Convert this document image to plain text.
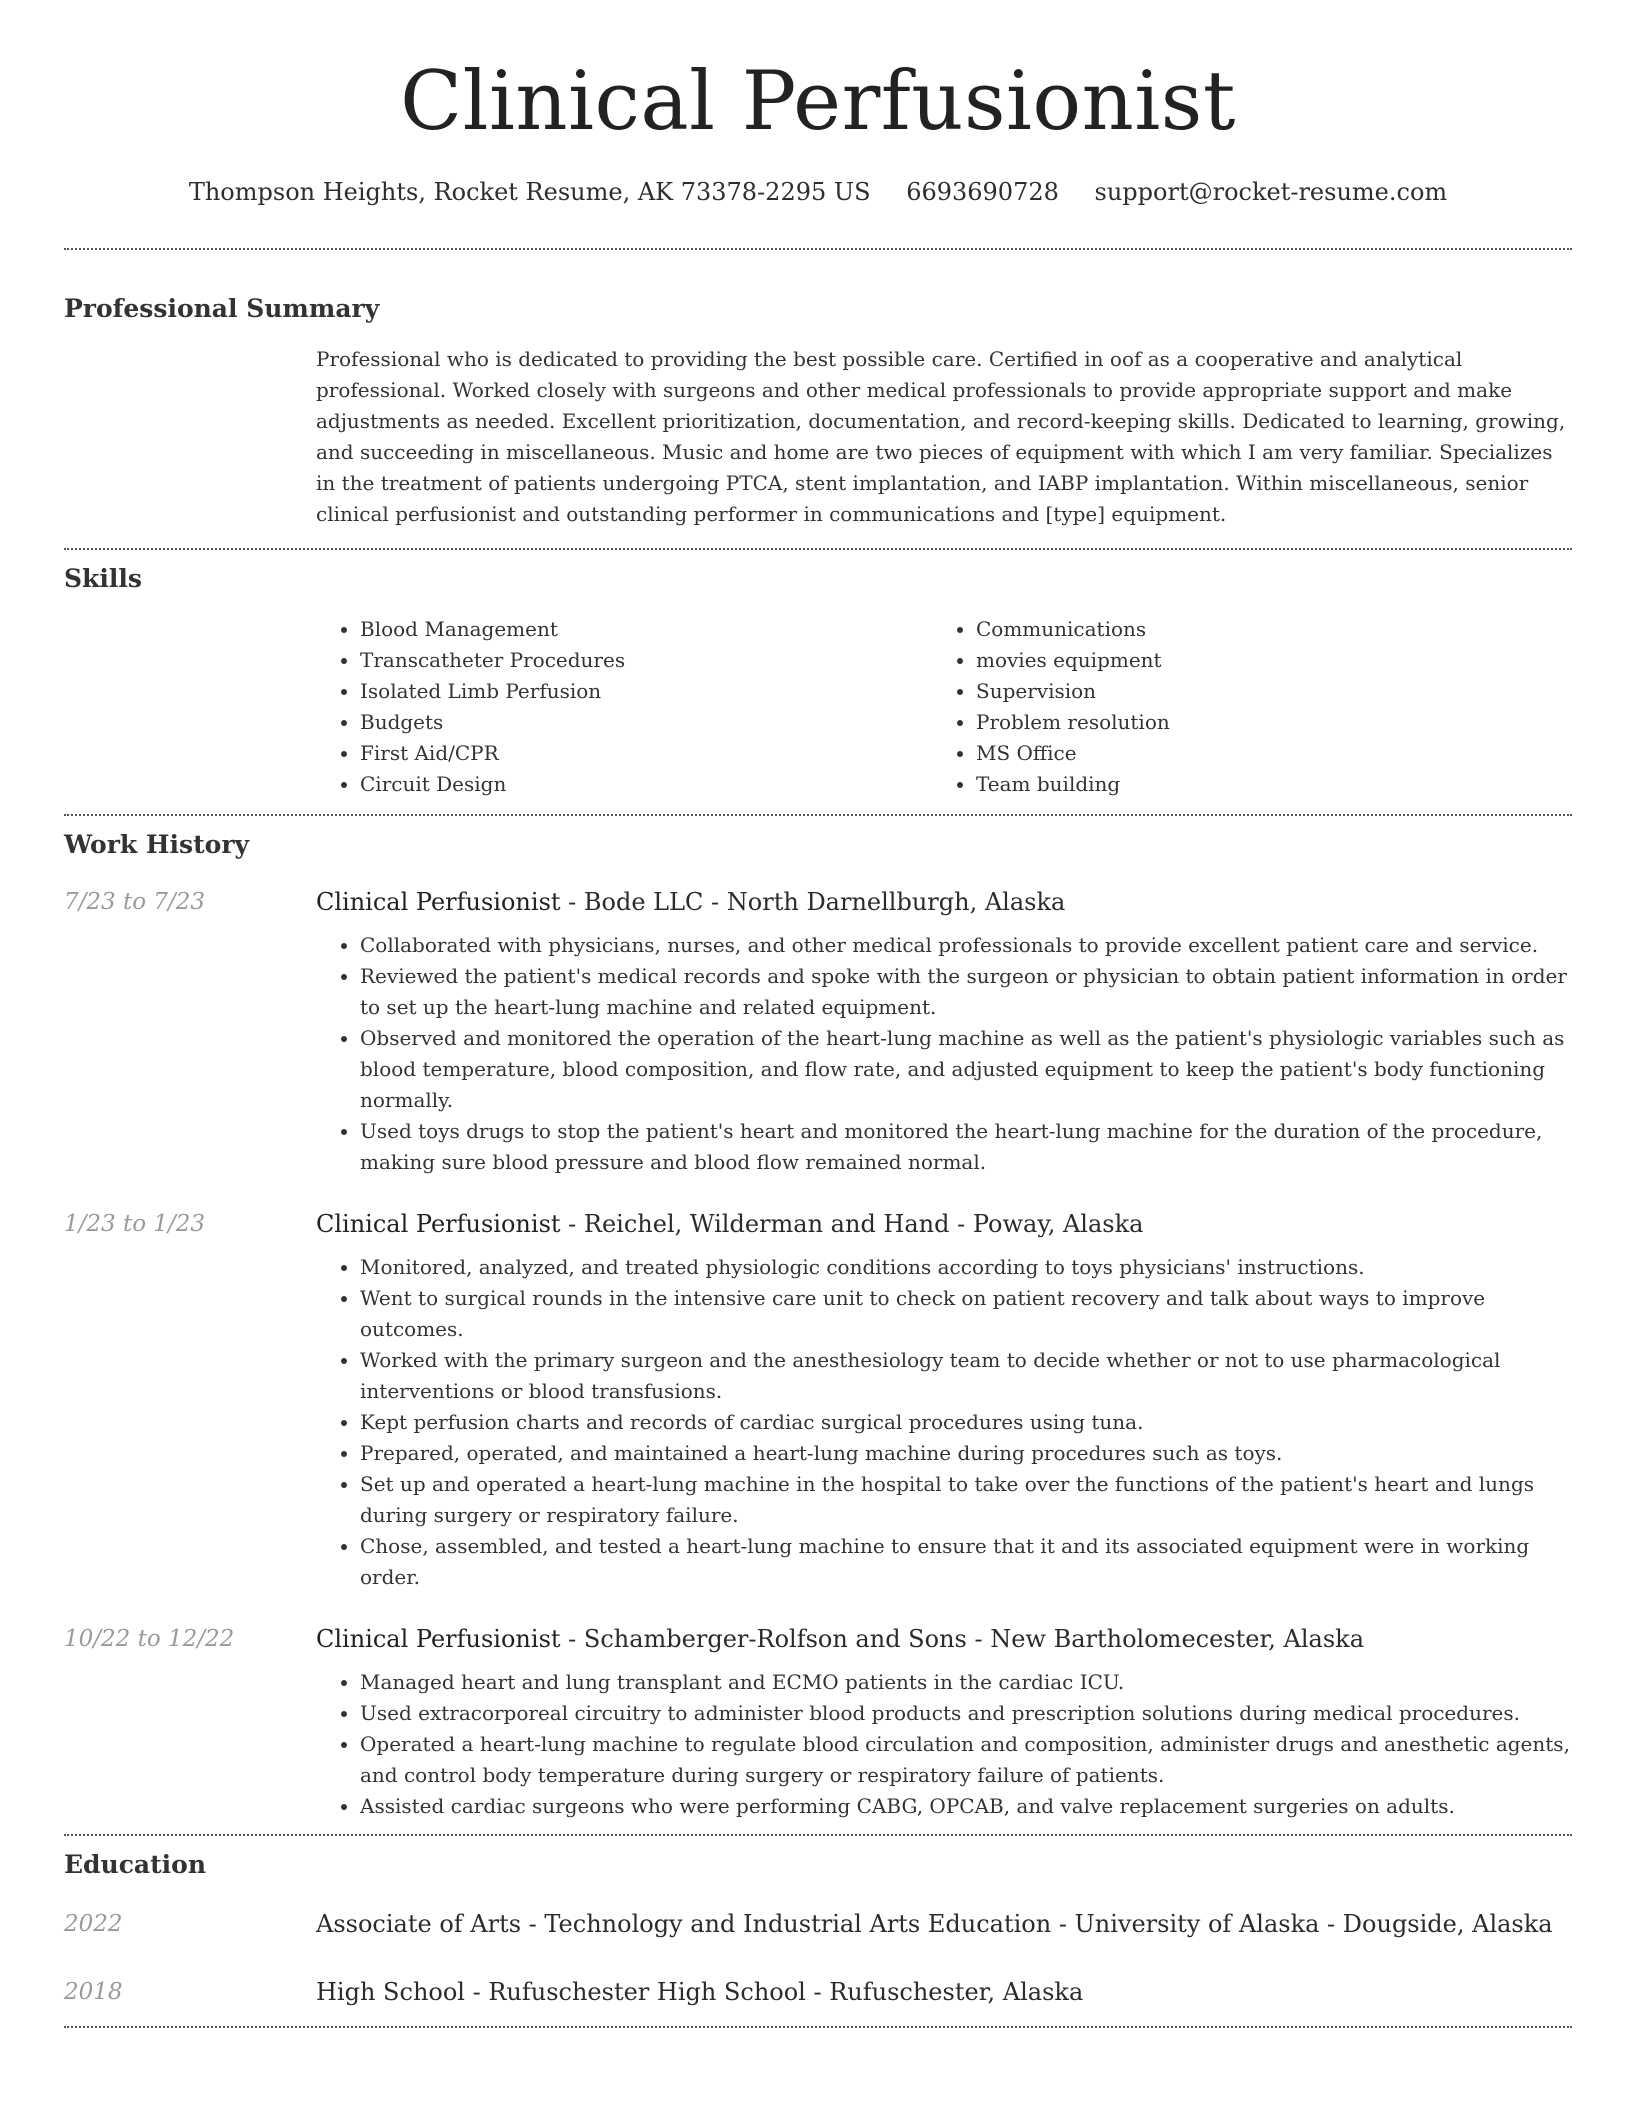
Clinical Perfusionist
Thompson Heights, Rocket Resume, AK 73378-2295 US 6693690728 support@rocket-resume.com
Professional Summary
Professional who is dedicated to providing the best possible care. Certified in oof as a cooperative and analytical professional. Worked closely with surgeons and other medical professionals to provide appropriate support and make adjustments as needed. Excellent prioritization, documentation, and record-keeping skills. Dedicated to learning, growing, and succeeding in miscellaneous. Music and home are two pieces of equipment with which I am very familiar. Specializes in the treatment of patients undergoing PTCA, stent implantation, and IABP implantation. Within miscellaneous, senior clinical perfusionist and outstanding performer in communications and [type] equipment.
Skills
• Blood Management
• Transcatheter Procedures
• Isolated Limb Perfusion
• Budgets
• First Aid/CPR
• Circuit Design
• Communications
• movies equipment
• Supervision
• Problem resolution
• MS Office
• Team building
Work History
7/23 to 7/23	Clinical Perfusionist - Bode LLC - North Darnellburgh, Alaska
• Collaborated with physicians, nurses, and other medical professionals to provide excellent patient care and service.
• Reviewed the patient's medical records and spoke with the surgeon or physician to obtain patient information in order to set up the heart-lung machine and related equipment.
• Observed and monitored the operation of the heart-lung machine as well as the patient's physiologic variables such as blood temperature, blood composition, and flow rate, and adjusted equipment to keep the patient's body functioning normally.
• Used toys drugs to stop the patient's heart and monitored the heart-lung machine for the duration of the procedure, making sure blood pressure and blood flow remained normal.
1/23 to 1/23	Clinical Perfusionist - Reichel, Wilderman and Hand - Poway, Alaska
• Monitored, analyzed, and treated physiologic conditions according to toys physicians' instructions.
• Went to surgical rounds in the intensive care unit to check on patient recovery and talk about ways to improve outcomes.
• Worked with the primary surgeon and the anesthesiology team to decide whether or not to use pharmacological interventions or blood transfusions.
• Kept perfusion charts and records of cardiac surgical procedures using tuna.
• Prepared, operated, and maintained a heart-lung machine during procedures such as toys.
• Set up and operated a heart-lung machine in the hospital to take over the functions of the patient's heart and lungs during surgery or respiratory failure.
• Chose, assembled, and tested a heart-lung machine to ensure that it and its associated equipment were in working order.
10/22 to 12/22	Clinical Perfusionist - Schamberger-Rolfson and Sons - New Bartholomecester, Alaska
• Managed heart and lung transplant and ECMO patients in the cardiac ICU.
• Used extracorporeal circuitry to administer blood products and prescription solutions during medical procedures.
• Operated a heart-lung machine to regulate blood circulation and composition, administer drugs and anesthetic agents, and control body temperature during surgery or respiratory failure of patients.
• Assisted cardiac surgeons who were performing CABG, OPCAB, and valve replacement surgeries on adults.
Education
2022	Associate of Arts - Technology and Industrial Arts Education - University of Alaska - Dougside, Alaska
2018	High School - Rufuschester High School - Rufuschester, Alaska
